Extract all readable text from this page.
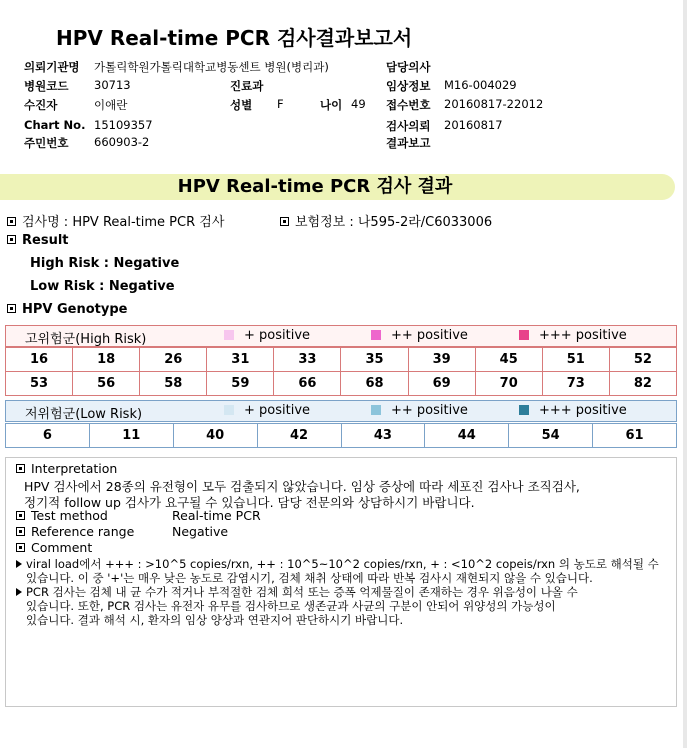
HPV Real-time PCR 검사결과보고서
의뢰기관명 가톨릭학원가톨릭대학교병동센트 병원(병리과)	담당의사
병원코드 30713	진료과	임상정보 M16-004029
수진자	이애란	성별 F	나이 49 접수번호 20160817-22012
Chart No. 15109357	검사의뢰 20160817
주민번호 660903-2	결과보고
HPV Real-time PCR 검사 결과
검사명 : HPV Real-time PCR 검사	보험정보 : 나595-2라/C6033006
Result
High Risk : Negative
Low Risk : Negative
HPV Genotype
고위험군(High Risk)	+ positive	++ positive	+++ positive
16	18	26	31	33	35	39	45	51	52
53	56	58	59	66	68	69	70	73	82
저위험군(Low Risk)	+ positive	++ positive	+++ positive
6	11	40	42	43	44	54	61
Interpretation
HPV 검사에서 28종의 유전형이 모두 검출되지 않았습니다. 임상 증상에 따라 세포진 검사나 조직검사,
정기적 follow up 검사가 요구될 수 있습니다. 담당 전문의와 상담하시기 바랍니다.
Test method	Real-time PCR
Reference range	Negative
Comment
viral load에서 +++ : >10^5 copies/rxn, ++ : 10^5~10^2 copies/rxn, + : <10^2 copeis/rxn 의 농도로 해석될 수
있습니다. 이 중 '+'는 매우 낮은 농도로 감염시기, 검체 채취 상태에 따라 반복 검사시 재현되지 않을 수 있습니다.
PCR 검사는 검체 내 균 수가 적거나 부적절한 검체 희석 또는 증폭 억제물질이 존재하는 경우 위음성이 나올 수
있습니다. 또한, PCR 검사는 유전자 유무를 검사하므로 생존균과 사균의 구분이 안되어 위양성의 가능성이
있습니다. 결과 해석 시, 환자의 임상 양상과 연관지어 판단하시기 바랍니다.
